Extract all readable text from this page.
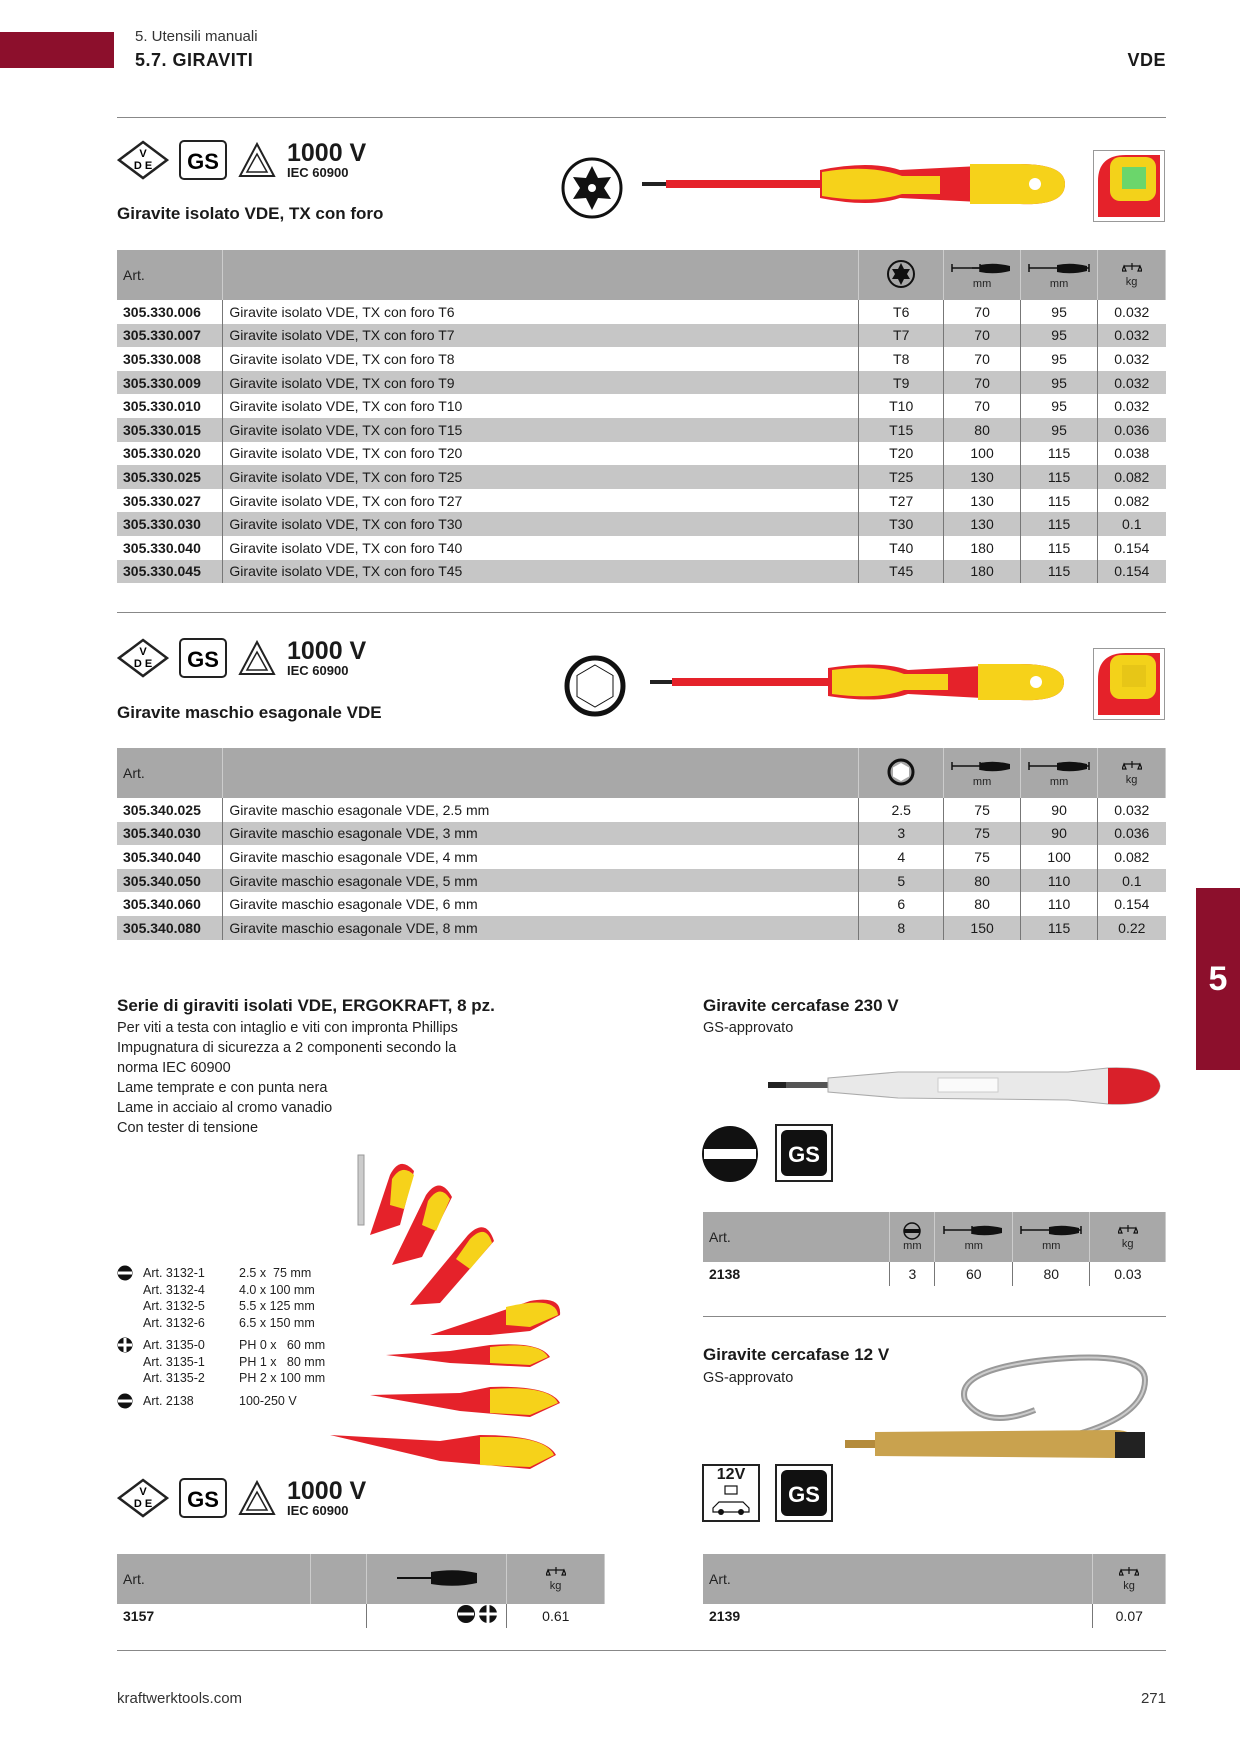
5. Utensili manuali
5.7. GIRAVITI	VDE
5
V
D E GS	1000 V
IEC 60900
Giravite isolato VDE, TX con foro
Art.			mm	mm	kg

305.330.006	Giravite isolato VDE, TX con foro T6	T6	70	95	0.032
305.330.007	Giravite isolato VDE, TX con foro T7	T7	70	95	0.032
305.330.008	Giravite isolato VDE, TX con foro T8	T8	70	95	0.032
305.330.009	Giravite isolato VDE, TX con foro T9	T9	70	95	0.032
305.330.010	Giravite isolato VDE, TX con foro T10	T10	70	95	0.032
305.330.015	Giravite isolato VDE, TX con foro T15	T15	80	95	0.036
305.330.020	Giravite isolato VDE, TX con foro T20	T20	100	115	0.038
305.330.025	Giravite isolato VDE, TX con foro T25	T25	130	115	0.082
305.330.027	Giravite isolato VDE, TX con foro T27	T27	130	115	0.082
305.330.030	Giravite isolato VDE, TX con foro T30	T30	130	115	0.1
305.330.040	Giravite isolato VDE, TX con foro T40	T40	180	115	0.154
305.330.045	Giravite isolato VDE, TX con foro T45	T45	180	115	0.154
V
D E GS	1000 V
IEC 60900
Giravite maschio esagonale VDE
Art.			mm	mm	kg

305.340.025	Giravite maschio esagonale VDE, 2.5 mm	2.5	75	90	0.032
305.340.030	Giravite maschio esagonale VDE, 3 mm	3	75	90	0.036
305.340.040	Giravite maschio esagonale VDE, 4 mm	4	75	100	0.082
305.340.050	Giravite maschio esagonale VDE, 5 mm	5	80	110	0.1
305.340.060	Giravite maschio esagonale VDE, 6 mm	6	80	110	0.154
305.340.080	Giravite maschio esagonale VDE, 8 mm	8	150	115	0.22
Serie di giraviti isolati VDE, ERGOKRAFT, 8 pz.
Per viti a testa con intaglio e viti con impronta Phillips
Impugnatura di sicurezza a 2 componenti secondo la
norma IEC 60900
Lame temprate e con punta nera
Lame in acciaio al cromo vanadio
Con tester di tensione
Art. 3132-1	2.5 x  75 mm
Art. 3132-4	4.0 x 100 mm
Art. 3132-5	5.5 x 125 mm
Art. 3132-6	6.5 x 150 mm
Art. 3135-0	PH 0 x   60 mm
Art. 3135-1	PH 1 x   80 mm
Art. 3135-2	PH 2 x 100 mm
Art. 2138	100-250 V
V
D E GS	1000 V
IEC 60900
Art.			kg

3157			0.61
Giravite cercafase 230 V
GS-approvato
GS
Art.	mm	mm	mm	kg

2138	3	60	80	0.03
Giravite cercafase 12 V
GS-approvato
12V
GS
Art.	kg

2139	0.07
kraftwerktools.com	271
